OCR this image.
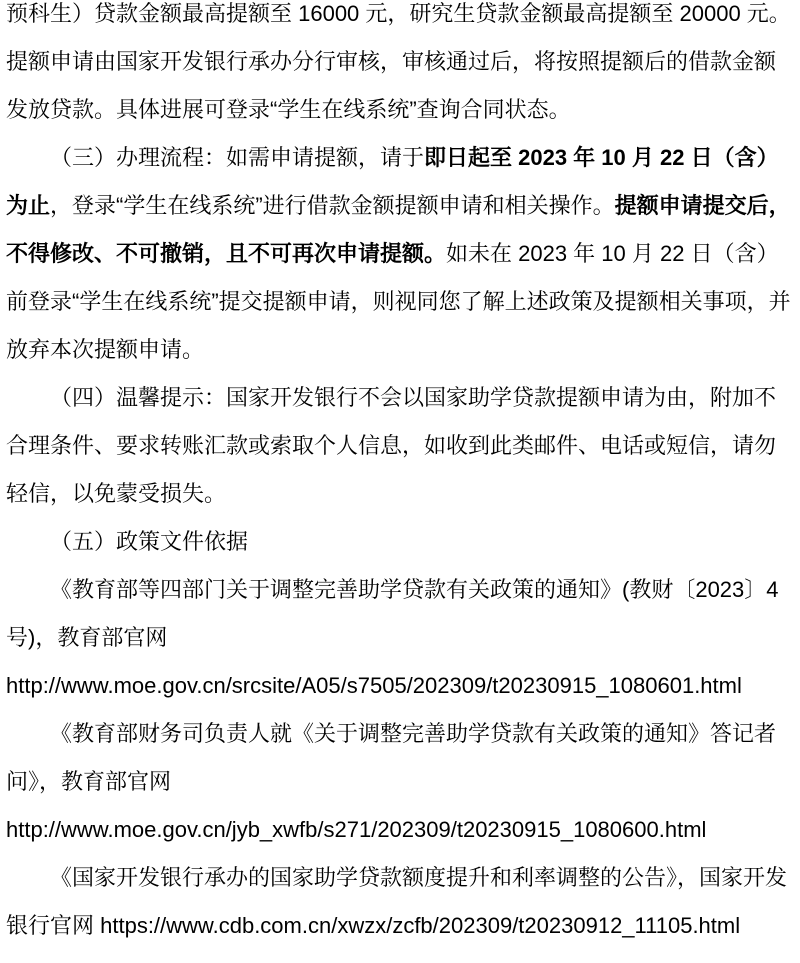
预科生）贷款金额最高提额至 16000 元，研究生贷款金额最高提额至 20000 元。提额申请由国家开发银行承办分行审核，审核通过后，将按照提额后的借款金额发放贷款。具体进展可登录“学生在线系统”查询合同状态。

（三）办理流程：如需申请提额，请于即日起至 2023 年 10 月 22 日（含）为止，登录“学生在线系统”进行借款金额提额申请和相关操作。提额申请提交后，不得修改、不可撤销，且不可再次申请提额。如未在 2023 年 10 月 22 日（含）前登录“学生在线系统”提交提额申请，则视同您了解上述政策及提额相关事项，并放弃本次提额申请。

（四）温馨提示：国家开发银行不会以国家助学贷款提额申请为由，附加不合理条件、要求转账汇款或索取个人信息，如收到此类邮件、电话或短信，请勿轻信，以免蒙受损失。

（五）政策文件依据

《教育部等四部门关于调整完善助学贷款有关政策的通知》(教财〔2023〕4 号)，教育部官网 http://www.moe.gov.cn/srcsite/A05/s7505/202309/t20230915_1080601.html

《教育部财务司负责人就《关于调整完善助学贷款有关政策的通知》答记者问》，教育部官网 http://www.moe.gov.cn/jyb_xwfb/s271/202309/t20230915_1080600.html

《国家开发银行承办的国家助学贷款额度提升和利率调整的公告》，国家开发银行官网 https://www.cdb.com.cn/xwzx/zcfb/202309/t20230912_11105.html
